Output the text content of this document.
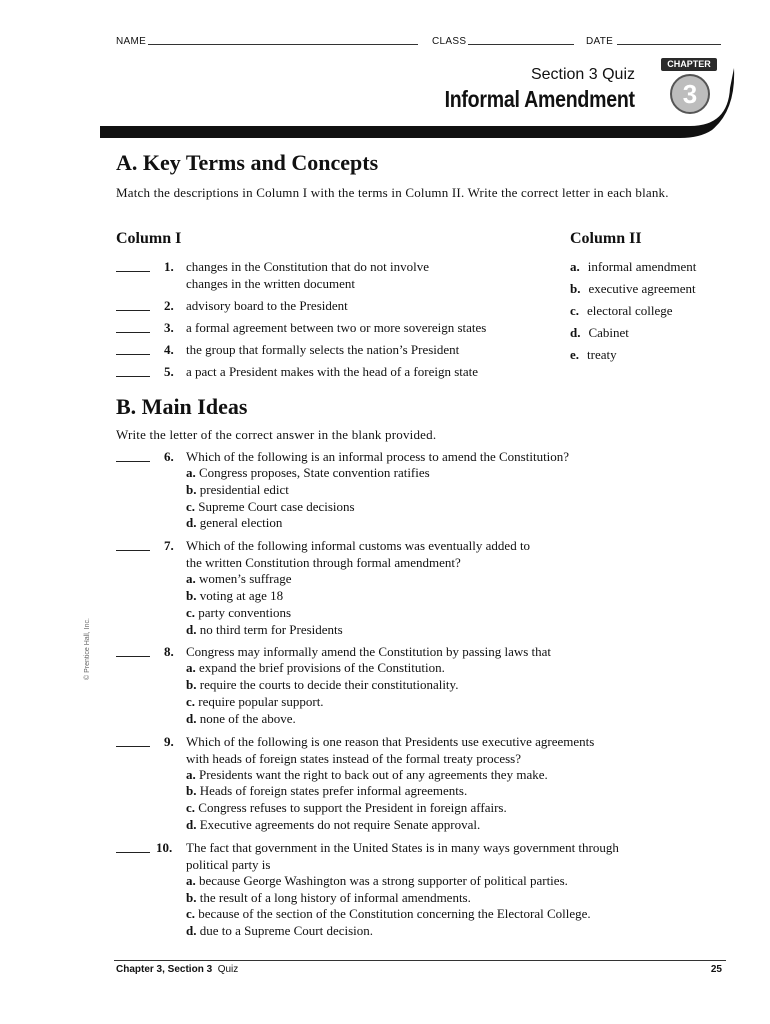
NAME	CLASS	DATE
Section 3 Quiz
Informal Amendment
CHAPTER
3
A. Key Terms and Concepts
Match the descriptions in Column I with the terms in Column II. Write the correct letter in each blank.
Column I	Column II
1. changes in the Constitution that do not involve
changes in the written document
2. advisory board to the President
3. a formal agreement between two or more sovereign states
4. the group that formally selects the nation’s President
5. a pact a President makes with the head of a foreign state
a. informal amendment
b. executive agreement
c. electoral college
d. Cabinet
e. treaty
B. Main Ideas
Write the letter of the correct answer in the blank provided.
6. Which of the following is an informal process to amend the Constitution?
a. Congress proposes, State convention ratifies
b. presidential edict
c. Supreme Court case decisions
d. general election
7. Which of the following informal customs was eventually added to
the written Constitution through formal amendment?
a. women’s suffrage
b. voting at age 18
c. party conventions
d. no third term for Presidents
8. Congress may informally amend the Constitution by passing laws that
a. expand the brief provisions of the Constitution.
b. require the courts to decide their constitutionality.
c. require popular support.
d. none of the above.
9. Which of the following is one reason that Presidents use executive agreements
with heads of foreign states instead of the formal treaty process?
a. Presidents want the right to back out of any agreements they make.
b. Heads of foreign states prefer informal agreements.
c. Congress refuses to support the President in foreign affairs.
d. Executive agreements do not require Senate approval.
10. The fact that government in the United States is in many ways government through
political party is
a. because George Washington was a strong supporter of political parties.
b. the result of a long history of informal amendments.
c. because of the section of the Constitution concerning the Electoral College.
d. due to a Supreme Court decision.
© Prentice Hall, Inc.
Chapter 3, Section 3 Quiz	25
